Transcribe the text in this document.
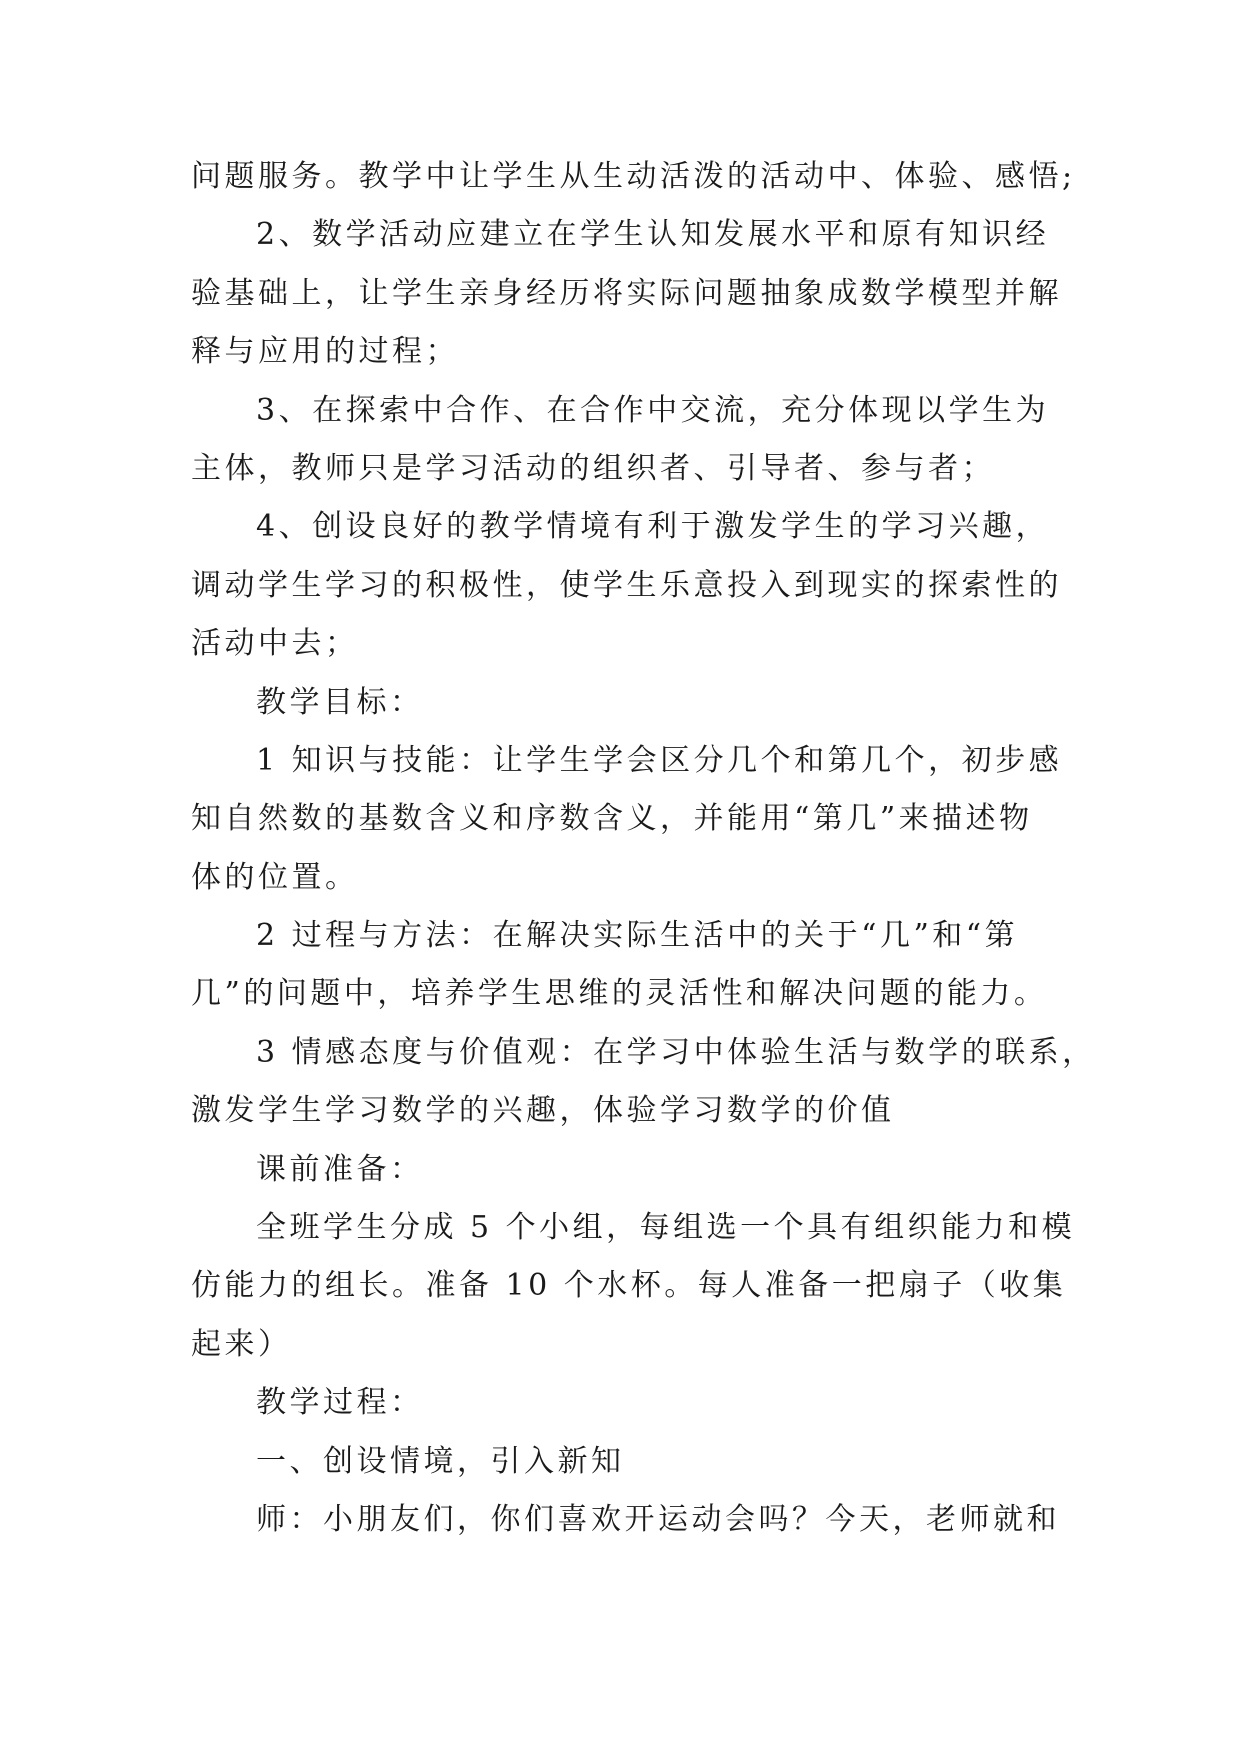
问题服务。教学中让学生从生动活泼的活动中、体验、感悟;
2、数学活动应建立在学生认知发展水平和原有知识经
验基础上，让学生亲身经历将实际问题抽象成数学模型并解
释与应用的过程；
3、在探索中合作、在合作中交流，充分体现以学生为
主体，教师只是学习活动的组织者、引导者、参与者；
4、创设良好的教学情境有利于激发学生的学习兴趣，
调动学生学习的积极性，使学生乐意投入到现实的探索性的
活动中去；
教学目标：
1 知识与技能：让学生学会区分几个和第几个，初步感
知自然数的基数含义和序数含义，并能用“第几”来描述物
体的位置。
2 过程与方法：在解决实际生活中的关于“几”和“第
几”的问题中，培养学生思维的灵活性和解决问题的能力。
3 情感态度与价值观：在学习中体验生活与数学的联系，
激发学生学习数学的兴趣，体验学习数学的价值
课前准备：
全班学生分成 5 个小组，每组选一个具有组织能力和模
仿能力的组长。准备 10 个水杯。每人准备一把扇子（收集
起来）
教学过程：
一、创设情境，引入新知
师：小朋友们，你们喜欢开运动会吗？今天，老师就和
